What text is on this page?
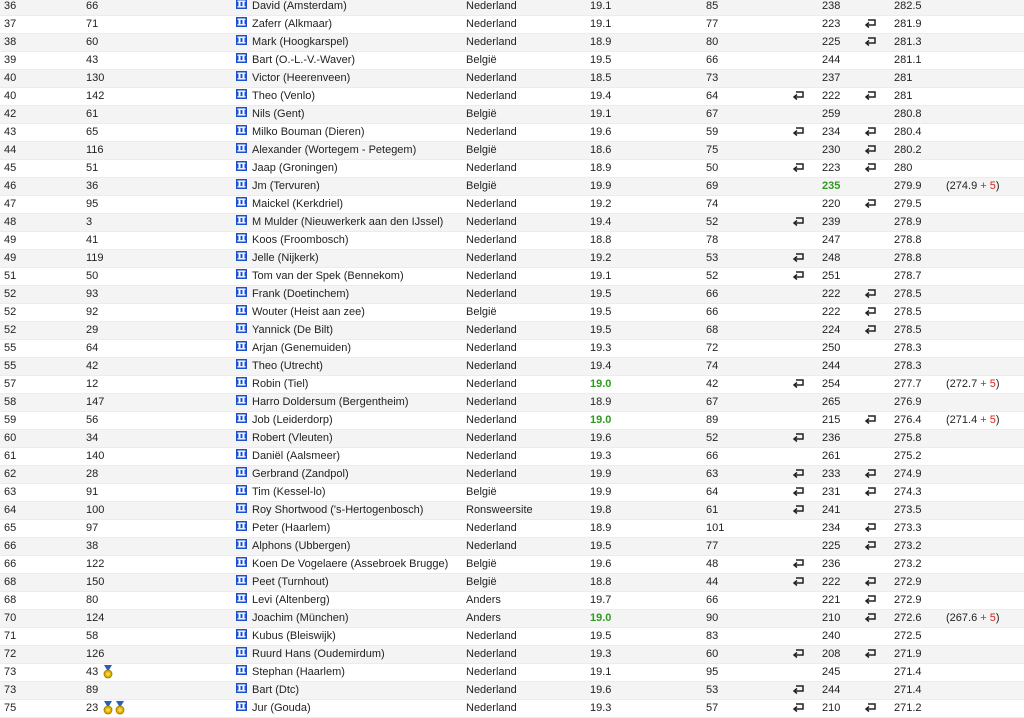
36	66		David (Amsterdam)	Nederland	19.1	85		238		282.5	
37	71		Zaferr (Alkmaar)	Nederland	19.1	77		223		281.9	
38	60		Mark (Hoogkarspel)	Nederland	18.9	80		225		281.3	
39	43		Bart (O.-L.-V.-Waver)	België	19.5	66		244		281.1	
40	130		Victor (Heerenveen)	Nederland	18.5	73		237		281	
40	142		Theo (Venlo)	Nederland	19.4	64		222		281	
42	61		Nils (Gent)	België	19.1	67		259		280.8	
43	65		Milko Bouman (Dieren)	Nederland	19.6	59		234		280.4	
44	116		Alexander (Wortegem - Petegem)	België	18.6	75		230		280.2	
45	51		Jaap (Groningen)	Nederland	18.9	50		223		280	
46	36		Jm (Tervuren)	België	19.9	69		235		279.9	(274.9 + 5)
47	95		Maickel (Kerkdriel)	Nederland	19.2	74		220		279.5	
48	3		M Mulder (Nieuwerkerk aan den IJssel)	Nederland	19.4	52		239		278.9	
49	41		Koos (Froombosch)	Nederland	18.8	78		247		278.8	
49	119		Jelle (Nijkerk)	Nederland	19.2	53		248		278.8	
51	50		Tom van der Spek (Bennekom)	Nederland	19.1	52		251		278.7	
52	93		Frank (Doetinchem)	Nederland	19.5	66		222		278.5	
52	92		Wouter (Heist aan zee)	België	19.5	66		222		278.5	
52	29		Yannick (De Bilt)	Nederland	19.5	68		224		278.5	
55	64		Arjan (Genemuiden)	Nederland	19.3	72		250		278.3	
55	42		Theo (Utrecht)	Nederland	19.4	74		244		278.3	
57	12		Robin (Tiel)	Nederland	19.0	42		254		277.7	(272.7 + 5)
58	147		Harro Doldersum (Bergentheim)	Nederland	18.9	67		265		276.9	
59	56		Job (Leiderdorp)	Nederland	19.0	89		215		276.4	(271.4 + 5)
60	34		Robert (Vleuten)	Nederland	19.6	52		236		275.8	
61	140		Daniël (Aalsmeer)	Nederland	19.3	66		261		275.2	
62	28		Gerbrand (Zandpol)	Nederland	19.9	63		233		274.9	
63	91		Tim (Kessel-lo)	België	19.9	64		231		274.3	
64	100		Roy Shortwood ('s-Hertogenbosch)	Ronsweersite	19.8	61		241		273.5	
65	97		Peter (Haarlem)	Nederland	18.9	101		234		273.3	
66	38		Alphons (Ubbergen)	Nederland	19.5	77		225		273.2	
66	122		Koen De Vogelaere (Assebroek Brugge)	België	19.6	48		236		273.2	
68	150		Peet (Turnhout)	België	18.8	44		222		272.9	
68	80		Levi (Altenberg)	Anders	19.7	66		221		272.9	
70	124		Joachim (München)	Anders	19.0	90		210		272.6	(267.6 + 5)
71	58		Kubus (Bleiswijk)	Nederland	19.5	83		240		272.5	
72	126		Ruurd Hans (Oudemirdum)	Nederland	19.3	60		208		271.9	
73	43		Stephan (Haarlem)	Nederland	19.1	95		245		271.4	
73	89		Bart (Dtc)	Nederland	19.6	53		244		271.4	
75	23		Jur (Gouda)	Nederland	19.3	57		210		271.2	
